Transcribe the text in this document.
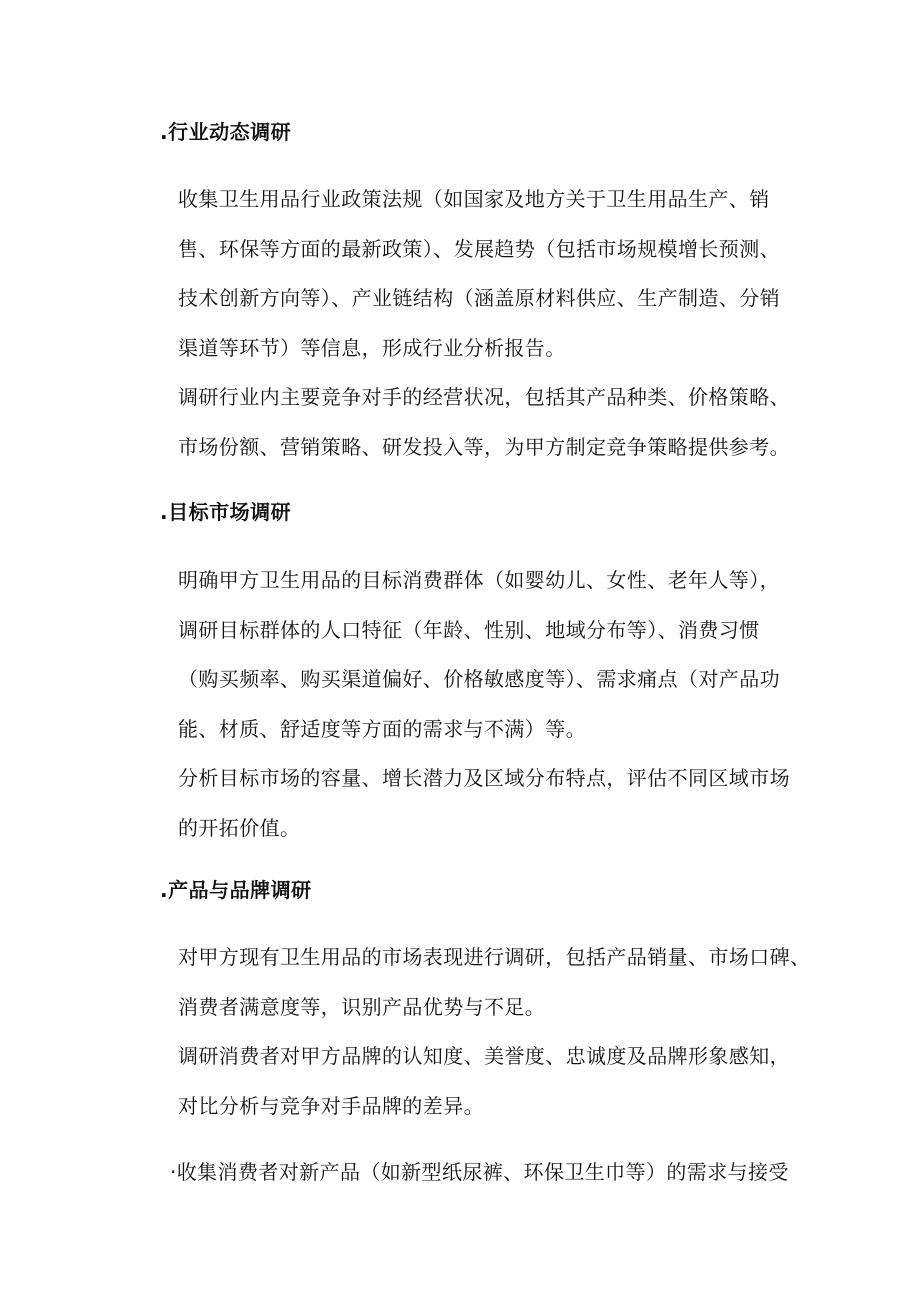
.行业动态调研
收集卫生用品行业政策法规（如国家及地方关于卫生用品生产、销
售、环保等方面的最新政策）、发展趋势（包括市场规模增长预测、
技术创新方向等）、产业链结构（涵盖原材料供应、生产制造、分销
渠道等环节）等信息，形成行业分析报告。
调研行业内主要竞争对手的经营状况，包括其产品种类、价格策略、
市场份额、营销策略、研发投入等，为甲方制定竞争策略提供参考。
.目标市场调研
明确甲方卫生用品的目标消费群体（如婴幼儿、女性、老年人等），
调研目标群体的人口特征（年龄、性别、地域分布等）、消费习惯
（购买频率、购买渠道偏好、价格敏感度等）、需求痛点（对产品功
能、材质、舒适度等方面的需求与不满）等。
分析目标市场的容量、增长潜力及区域分布特点，评估不同区域市场
的开拓价值。
.产品与品牌调研
对甲方现有卫生用品的市场表现进行调研，包括产品销量、市场口碑、
消费者满意度等，识别产品优势与不足。
调研消费者对甲方品牌的认知度、美誉度、忠诚度及品牌形象感知，
对比分析与竞争对手品牌的差异。
·收集消费者对新产品（如新型纸尿裤、环保卫生巾等）的需求与接受
